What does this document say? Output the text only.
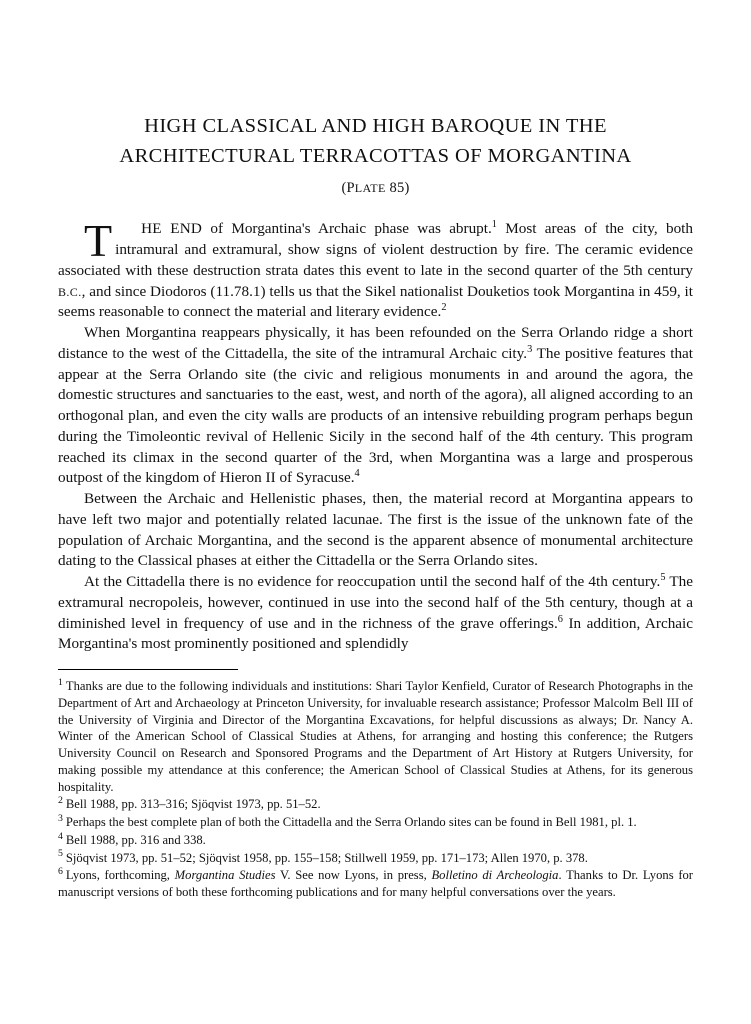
HIGH CLASSICAL AND HIGH BAROQUE IN THE
ARCHITECTURAL TERRACOTTAS OF MORGANTINA
(PLATE 85)

T HE END of Morgantina's Archaic phase was abrupt.$^1$ Most areas of the city, both intramural and extramural, show signs of violent destruction by fire. The ceramic evidence associated with these destruction strata dates this event to late in the second quarter of the 5th century B.C., and since Diodoros (11.78.1) tells us that the Sikel nationalist Douketios took Morgantina in 459, it seems reasonable to connect the material and literary evidence.$^2$

When Morgantina reappears physically, it has been refounded on the Serra Orlando ridge a short distance to the west of the Cittadella, the site of the intramural Archaic city.$^3$ The positive features that appear at the Serra Orlando site (the civic and religious monuments in and around the agora, the domestic structures and sanctuaries to the east, west, and north of the agora), all aligned according to an orthogonal plan, and even the city walls are products of an intensive rebuilding program perhaps begun during the Timoleontic revival of Hellenic Sicily in the second half of the 4th century. This program reached its climax in the second quarter of the 3rd, when Morgantina was a large and prosperous outpost of the kingdom of Hieron II of Syracuse.$^4$

Between the Archaic and Hellenistic phases, then, the material record at Morgantina appears to have left two major and potentially related lacunae. The first is the issue of the unknown fate of the population of Archaic Morgantina, and the second is the apparent absence of monumental architecture dating to the Classical phases at either the Cittadella or the Serra Orlando sites.

At the Cittadella there is no evidence for reoccupation until the second half of the 4th century.$^5$ The extramural necropoleis, however, continued in use into the second half of the 5th century, though at a diminished level in frequency of use and in the richness of the grave offerings.$^6$ In addition, Archaic Morgantina's most prominently positioned and splendidly

$^1$ Thanks are due to the following individuals and institutions: Shari Taylor Kenfield, Curator of Research Photographs in the Department of Art and Archaeology at Princeton University, for invaluable research assistance; Professor Malcolm Bell III of the University of Virginia and Director of the Morgantina Excavations, for helpful discussions as always; Dr. Nancy A. Winter of the American School of Classical Studies at Athens, for arranging and hosting this conference; the Rutgers University Council on Research and Sponsored Programs and the Department of Art History at Rutgers University, for making possible my attendance at this conference; the American School of Classical Studies at Athens, for its generous hospitality.

$^2$ Bell 1988, pp. 313–316; Sjöqvist 1973, pp. 51–52.

$^3$ Perhaps the best complete plan of both the Cittadella and the Serra Orlando sites can be found in Bell 1981, pl. 1.

$^4$ Bell 1988, pp. 316 and 338.

$^5$ Sjöqvist 1973, pp. 51–52; Sjöqvist 1958, pp. 155–158; Stillwell 1959, pp. 171–173; Allen 1970, p. 378.

$^6$ Lyons, forthcoming, Morgantina Studies V. See now Lyons, in press, Bolletino di Archeologia. Thanks to Dr. Lyons for manuscript versions of both these forthcoming publications and for many helpful conversations over the years.
